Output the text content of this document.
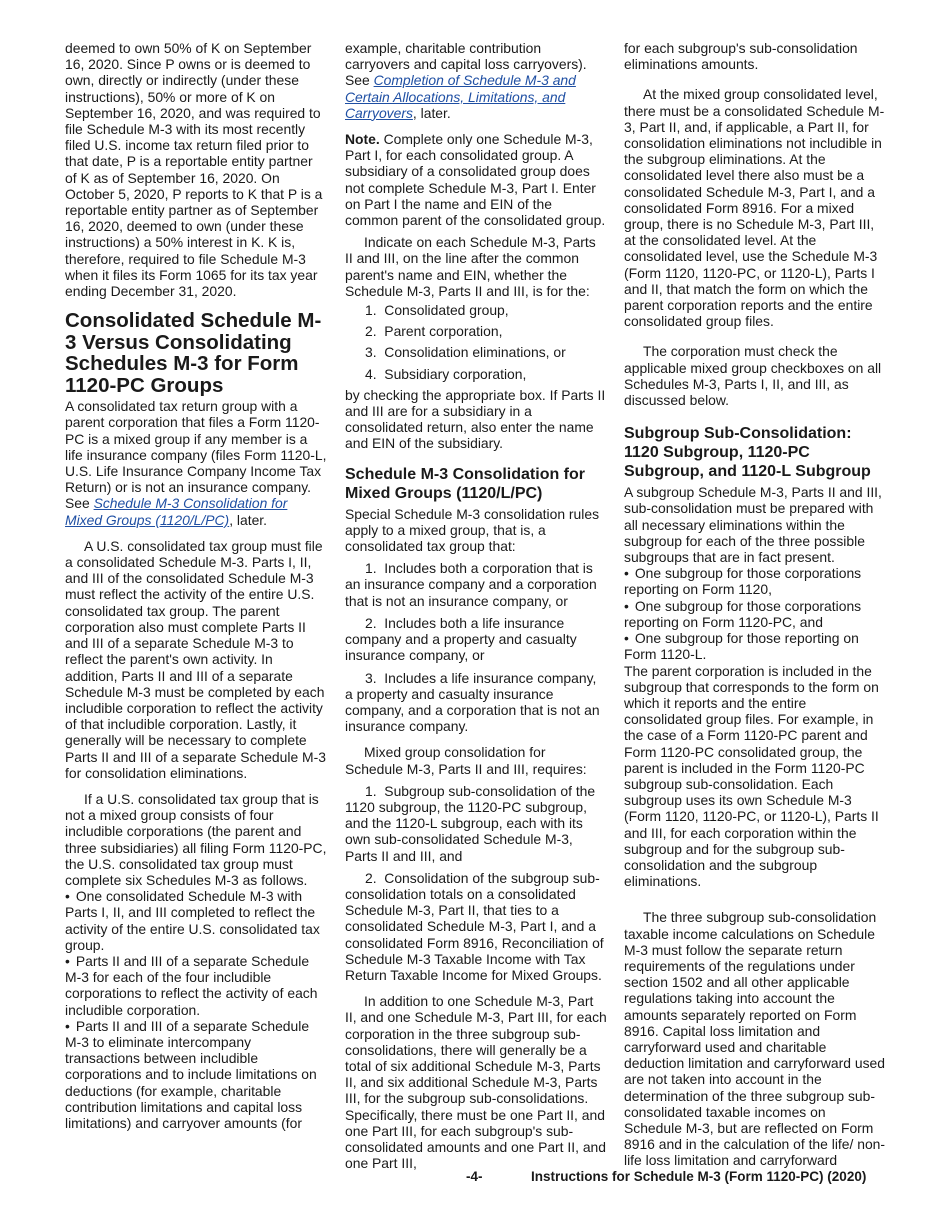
deemed to own 50% of K on September 16, 2020. Since P owns or is deemed to own, directly or indirectly (under these instructions), 50% or more of K on September 16, 2020, and was required to file Schedule M-3 with its most recently filed U.S. income tax return filed prior to that date, P is a reportable entity partner of K as of September 16, 2020. On October 5, 2020, P reports to K that P is a reportable entity partner as of September 16, 2020, deemed to own (under these instructions) a 50% interest in K. K is, therefore, required to file Schedule M-3 when it files its Form 1065 for its tax year ending December 31, 2020.

Consolidated Schedule M-3 Versus Consolidating Schedules M-3 for Form 1120-PC Groups

A consolidated tax return group with a parent corporation that files a Form 1120-PC is a mixed group if any member is a life insurance company (files Form 1120-L, U.S. Life Insurance Company Income Tax Return) or is not an insurance company. See Schedule M-3 Consolidation for Mixed Groups (1120/L/PC), later.

A U.S. consolidated tax group must file a consolidated Schedule M-3. Parts I, II, and III of the consolidated Schedule M-3 must reflect the activity of the entire U.S. consolidated tax group. The parent corporation also must complete Parts II and III of a separate Schedule M-3 to reflect the parent's own activity. In addition, Parts II and III of a separate Schedule M-3 must be completed by each includible corporation to reflect the activity of that includible corporation. Lastly, it generally will be necessary to complete Parts II and III of a separate Schedule M-3 for consolidation eliminations.

If a U.S. consolidated tax group that is not a mixed group consists of four includible corporations (the parent and three subsidiaries) all filing Form 1120-PC, the U.S. consolidated tax group must complete six Schedules M-3 as follows.

• One consolidated Schedule M-3 with Parts I, II, and III completed to reflect the activity of the entire U.S. consolidated tax group.

• Parts II and III of a separate Schedule M-3 for each of the four includible corporations to reflect the activity of each includible corporation.

• Parts II and III of a separate Schedule M-3 to eliminate intercompany transactions between includible corporations and to include limitations on deductions (for example, charitable contribution limitations and capital loss limitations) and carryover amounts (for

example, charitable contribution carryovers and capital loss carryovers). See Completion of Schedule M-3 and Certain Allocations, Limitations, and Carryovers, later.

Note. Complete only one Schedule M-3, Part I, for each consolidated group. A subsidiary of a consolidated group does not complete Schedule M-3, Part I. Enter on Part I the name and EIN of the common parent of the consolidated group.

Indicate on each Schedule M-3, Parts II and III, on the line after the common parent's name and EIN, whether the Schedule M-3, Parts II and III, is for the:

1.  Consolidated group,
2.  Parent corporation,
3.  Consolidation eliminations, or
4.  Subsidiary corporation,

by checking the appropriate box. If Parts II and III are for a subsidiary in a consolidated return, also enter the name and EIN of the subsidiary.

Schedule M-3 Consolidation for Mixed Groups (1120/L/PC)

Special Schedule M-3 consolidation rules apply to a mixed group, that is, a consolidated tax group that:

1.  Includes both a corporation that is an insurance company and a corporation that is not an insurance company, or

2.  Includes both a life insurance company and a property and casualty insurance company, or

3.  Includes a life insurance company, a property and casualty insurance company, and a corporation that is not an insurance company.

Mixed group consolidation for Schedule M-3, Parts II and III, requires:

1.  Subgroup sub-consolidation of the 1120 subgroup, the 1120-PC subgroup, and the 1120-L subgroup, each with its own sub-consolidated Schedule M-3, Parts II and III, and

2.  Consolidation of the subgroup sub-consolidation totals on a consolidated Schedule M-3, Part II, that ties to a consolidated Schedule M-3, Part I, and a consolidated Form 8916, Reconciliation of Schedule M-3 Taxable Income with Tax Return Taxable Income for Mixed Groups.

In addition to one Schedule M-3, Part II, and one Schedule M-3, Part III, for each corporation in the three subgroup sub-consolidations, there will generally be a total of six additional Schedule M-3, Parts II, and six additional Schedule M-3, Parts III, for the subgroup sub-consolidations. Specifically, there must be one Part II, and one Part III, for each subgroup's sub-consolidated amounts and one Part II, and one Part III,

for each subgroup's sub-consolidation eliminations amounts.

At the mixed group consolidated level, there must be a consolidated Schedule M-3, Part II, and, if applicable, a Part II, for consolidation eliminations not includible in the subgroup eliminations. At the consolidated level there also must be a consolidated Schedule M-3, Part I, and a consolidated Form 8916. For a mixed group, there is no Schedule M-3, Part III, at the consolidated level. At the consolidated level, use the Schedule M-3 (Form 1120, 1120-PC, or 1120-L), Parts I and II, that match the form on which the parent corporation reports and the entire consolidated group files.

The corporation must check the applicable mixed group checkboxes on all Schedules M-3, Parts I, II, and III, as discussed below.

Subgroup Sub-Consolidation: 1120 Subgroup, 1120-PC Subgroup, and 1120-L Subgroup

A subgroup Schedule M-3, Parts II and III, sub-consolidation must be prepared with all necessary eliminations within the subgroup for each of the three possible subgroups that are in fact present.

• One subgroup for those corporations reporting on Form 1120,

• One subgroup for those corporations reporting on Form 1120-PC, and

• One subgroup for those reporting on Form 1120-L.

The parent corporation is included in the subgroup that corresponds to the form on which it reports and the entire consolidated group files. For example, in the case of a Form 1120-PC parent and Form 1120-PC consolidated group, the parent is included in the Form 1120-PC subgroup sub-consolidation. Each subgroup uses its own Schedule M-3 (Form 1120, 1120-PC, or 1120-L), Parts II and III, for each corporation within the subgroup and for the subgroup sub-consolidation and the subgroup eliminations.

The three subgroup sub-consolidation taxable income calculations on Schedule M-3 must follow the separate return requirements of the regulations under section 1502 and all other applicable regulations taking into account the amounts separately reported on Form 8916. Capital loss limitation and carryforward used and charitable deduction limitation and carryforward used are not taken into account in the determination of the three subgroup sub-consolidated taxable incomes on Schedule M-3, but are reflected on Form 8916 and in the calculation of the life/ non-life loss limitation and carryforward

-4-	Instructions for Schedule M-3 (Form 1120-PC) (2020)
